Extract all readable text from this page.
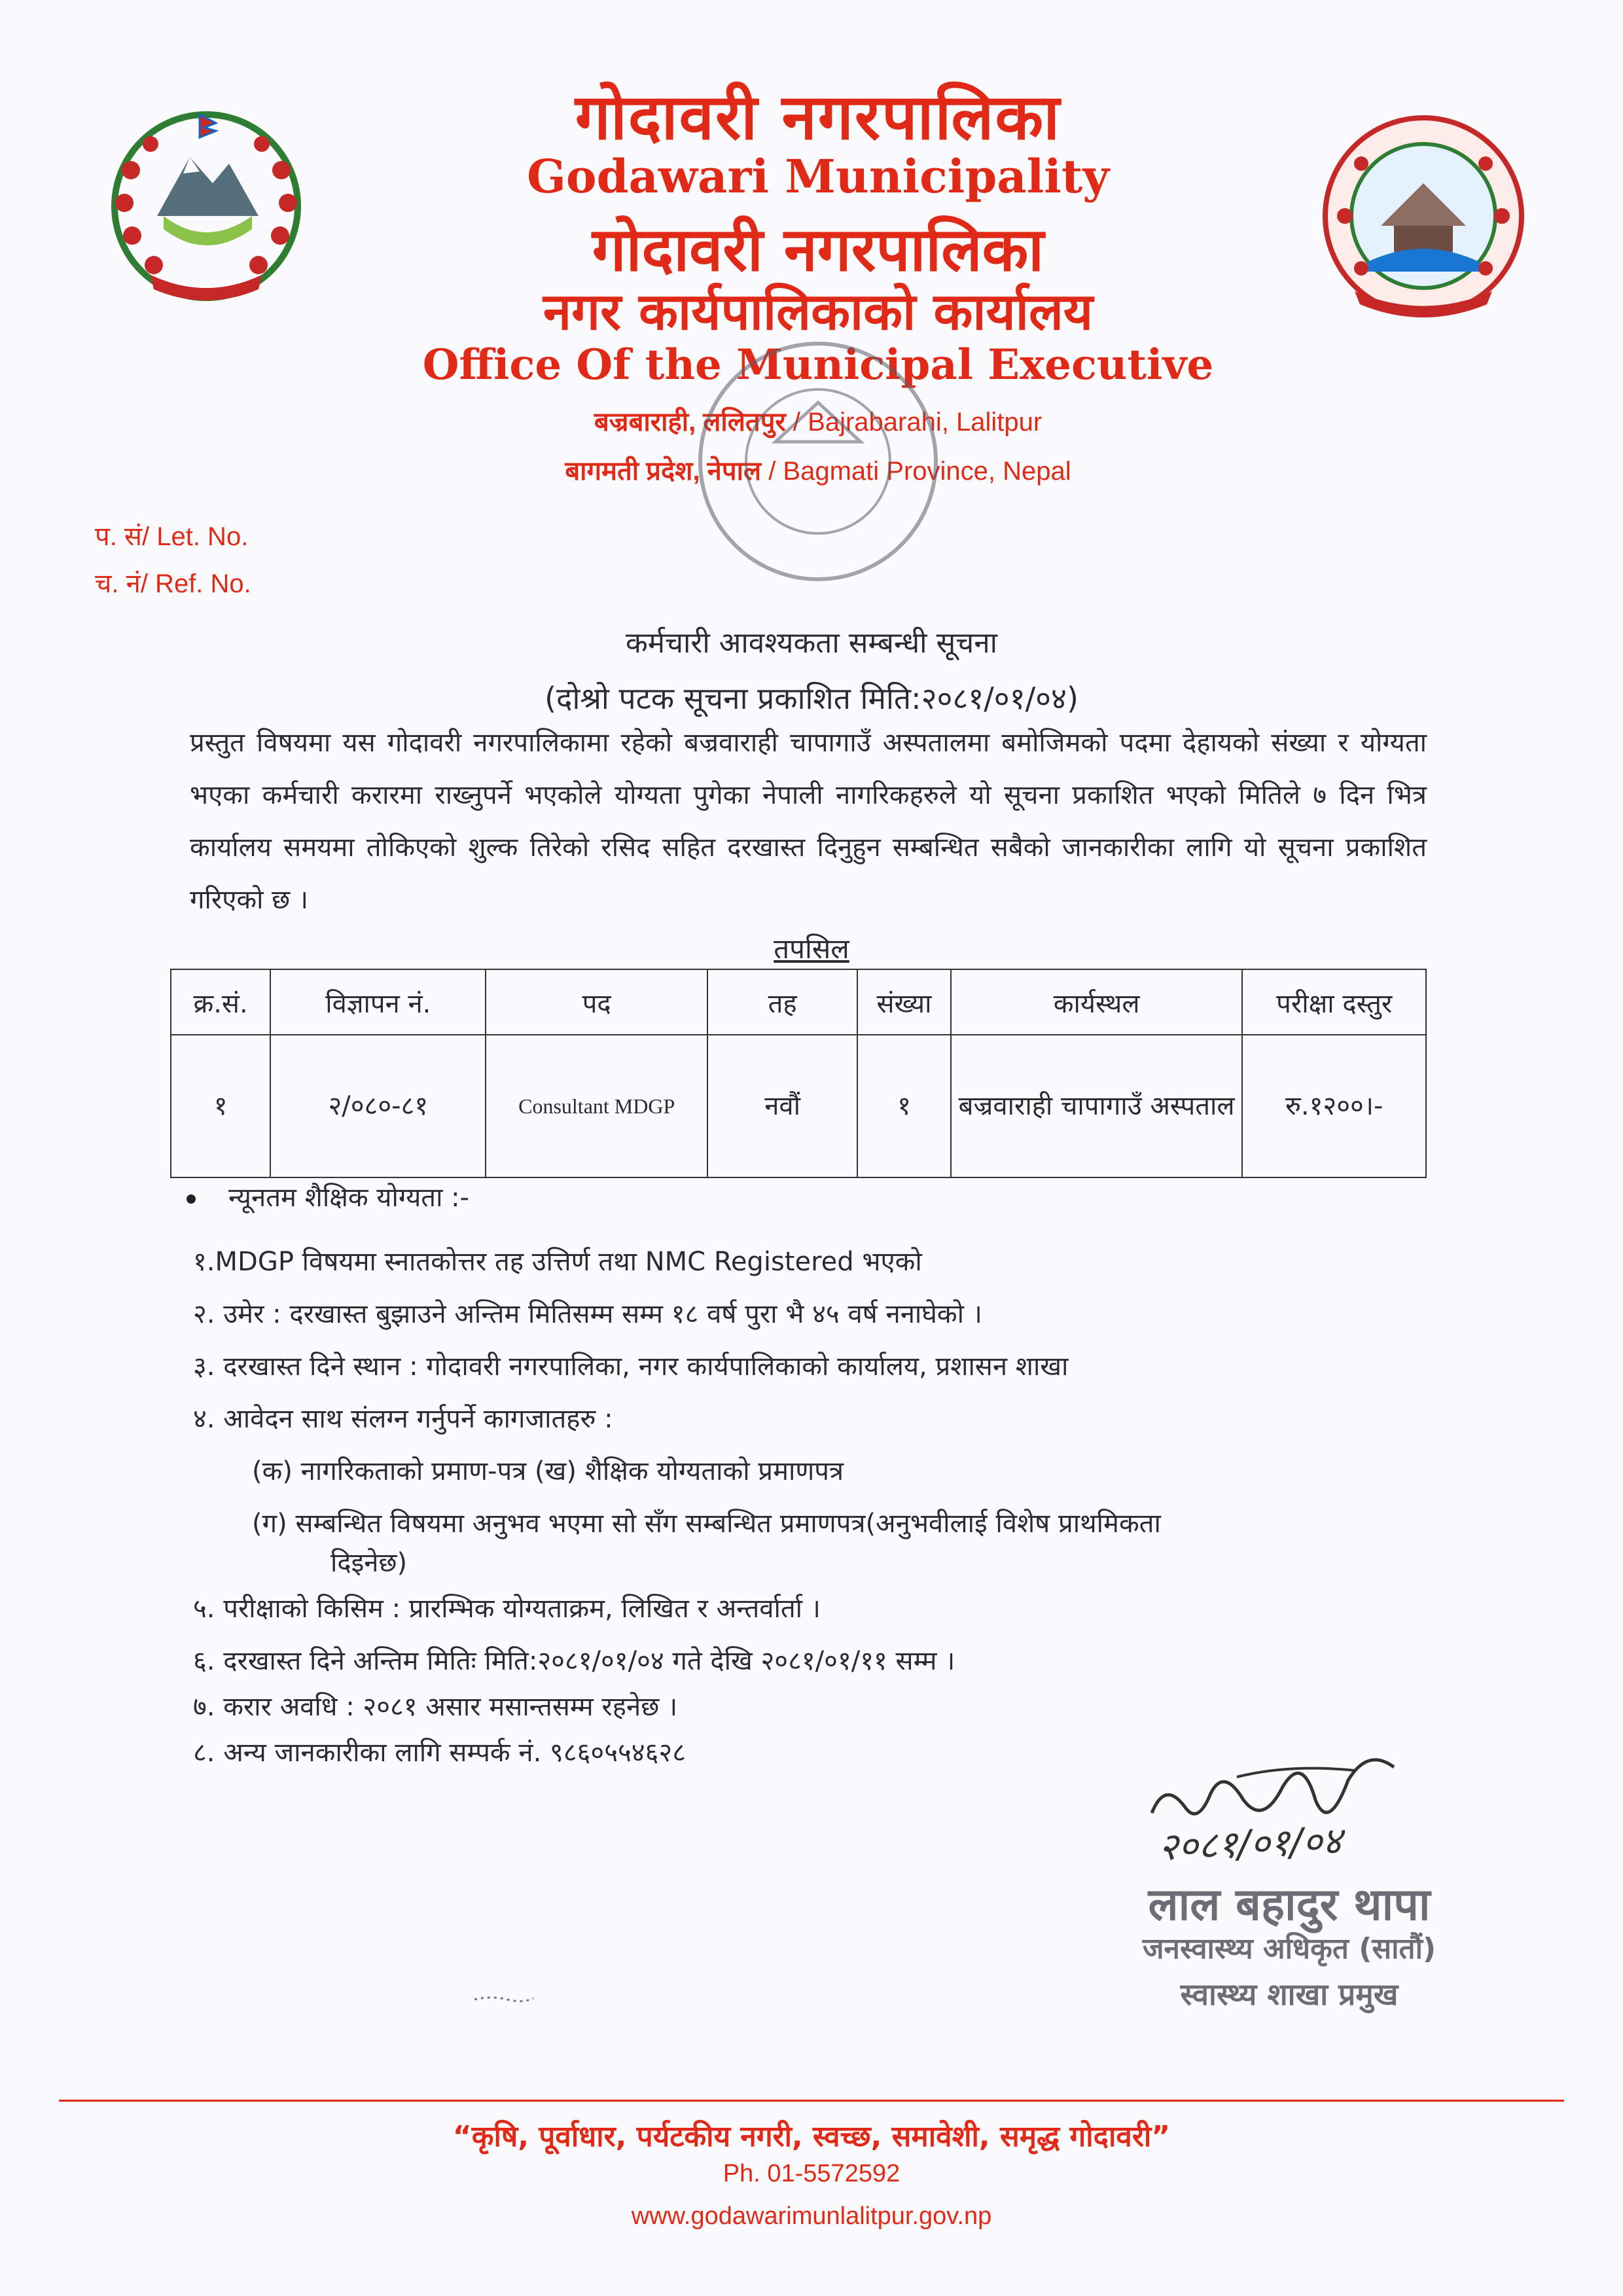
गोदावरी नगरपालिका
Godawari Municipality
गोदावरी नगरपालिका
नगर कार्यपालिकाको कार्यालय
Office Of the Municipal Executive
बज्रबाराही, ललितपुर / Bajrabarahi, Lalitpur
बागमती प्रदेश, नेपाल / Bagmati Province, Nepal
प. सं/ Let. No.
च. नं/ Ref. No.
कर्मचारी आवश्यकता सम्बन्धी सूचना
(दोश्रो पटक सूचना प्रकाशित मिति:२०८१/०१/०४)
प्रस्तुत विषयमा यस गोदावरी नगरपालिकामा रहेको बज्रवाराही चापागाउँ अस्पतालमा बमोजिमको पदमा देहायको संख्या र योग्यता भएका कर्मचारी करारमा राख्नुपर्ने भएकोले योग्यता पुगेका नेपाली नागरिकहरुले यो सूचना प्रकाशित भएको मितिले ७ दिन भित्र कार्यालय समयमा तोकिएको शुल्क तिरेको रसिद सहित दरखास्त दिनुहुन सम्बन्धित सबैको जानकारीका लागि यो सूचना प्रकाशित गरिएको छ ।
तपसिल
क्र.सं.	विज्ञापन नं.	पद	तह	संख्या	कार्यस्थल	परीक्षा दस्तुर
१	२/०८०-८१	Consultant MDGP	नवौं	१	बज्रवाराही चापागाउँ अस्पताल	रु.१२००।-
न्यूनतम शैक्षिक योग्यता :-
१.MDGP विषयमा स्नातकोत्तर तह उत्तिर्ण तथा NMC Registered भएको
२. उमेर : दरखास्त बुझाउने अन्तिम मितिसम्म सम्म १८ वर्ष पुरा भै ४५ वर्ष ननाघेको ।
३. दरखास्त दिने स्थान : गोदावरी नगरपालिका, नगर कार्यपालिकाको कार्यालय, प्रशासन शाखा
४. आवेदन साथ संलग्न गर्नुपर्ने कागजातहरु :
(क) नागरिकताको प्रमाण-पत्र (ख) शैक्षिक योग्यताको प्रमाणपत्र
(ग) सम्बन्धित विषयमा अनुभव भएमा सो सँग सम्बन्धित प्रमाणपत्र(अनुभवीलाई विशेष प्राथमिकता
दिइनेछ)
५. परीक्षाको किसिम : प्रारम्भिक योग्यताक्रम, लिखित र अन्तर्वार्ता ।
६. दरखास्त दिने अन्तिम मितिः मिति:२०८१/०१/०४ गते देखि २०८१/०१/११ सम्म ।
७. करार अवधि : २०८१ असार मसान्तसम्म रहनेछ ।
८. अन्य जानकारीका लागि सम्पर्क नं. ९८६०५५४६२८
२०८१/०१/०४
लाल बहादुर थापा
जनस्वास्थ्य अधिकृत (सातौं)
स्वास्थ्य शाखा प्रमुख
“कृषि, पूर्वाधार, पर्यटकीय नगरी, स्वच्छ, समावेशी, समृद्ध गोदावरी”
Ph. 01-5572592
www.godawarimunlalitpur.gov.np
